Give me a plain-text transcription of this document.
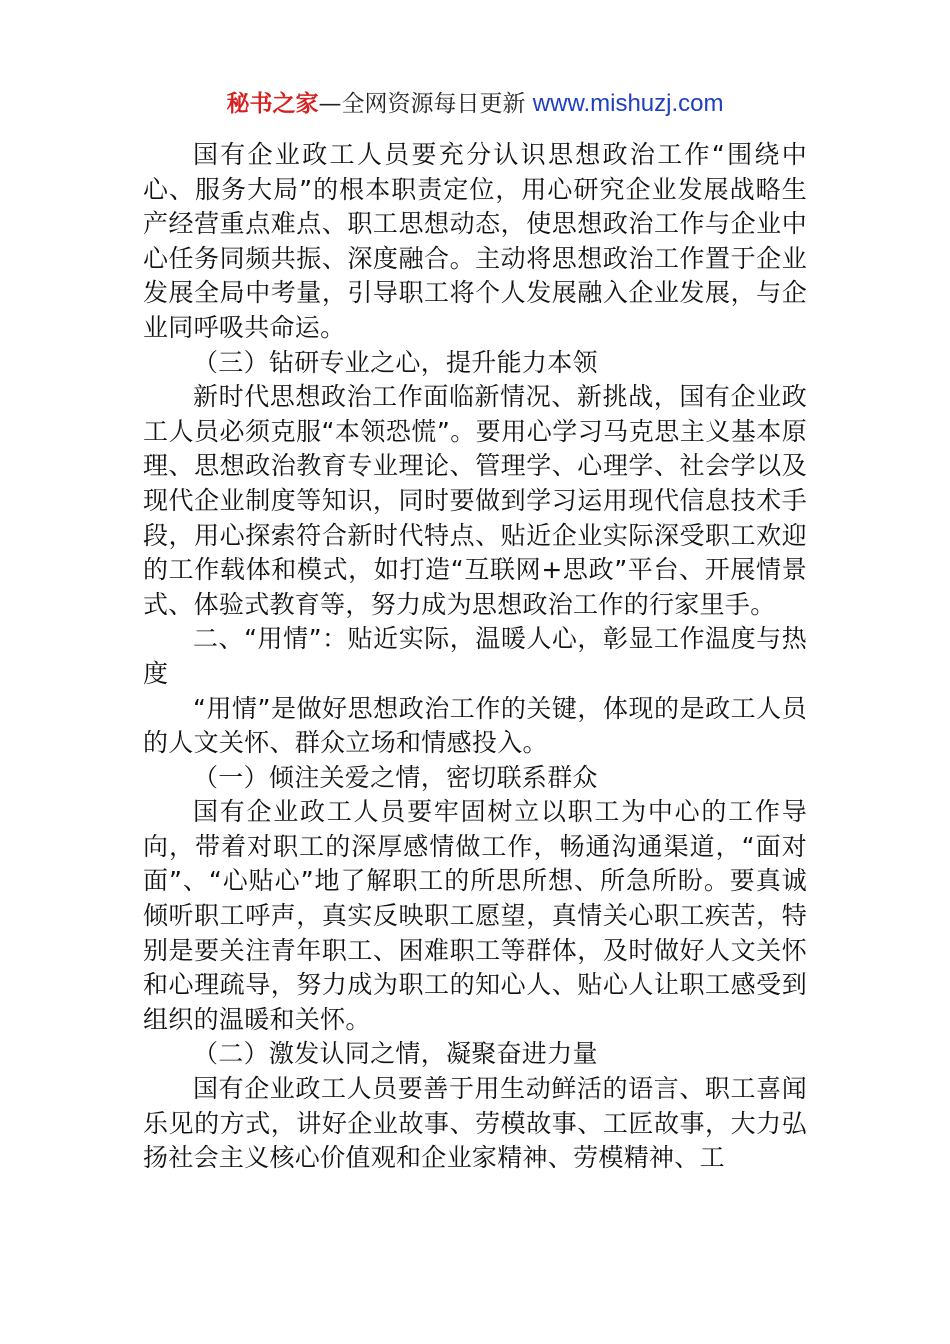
秘书之家—全网资源每日更新 www.mishuzj.com

国有企业政工人员要充分认识思想政治工作“围绕中心、服务大局”的根本职责定位，用心研究企业发展战略生产经营重点难点、职工思想动态，使思想政治工作与企业中心任务同频共振、深度融合。主动将思想政治工作置于企业发展全局中考量，引导职工将个人发展融入企业发展，与企业同呼吸共命运。

（三）钻研专业之心，提升能力本领

新时代思想政治工作面临新情况、新挑战，国有企业政工人员必须克服“本领恐慌”。要用心学习马克思主义基本原理、思想政治教育专业理论、管理学、心理学、社会学以及现代企业制度等知识，同时要做到学习运用现代信息技术手段，用心探索符合新时代特点、贴近企业实际深受职工欢迎的工作载体和模式，如打造“互联网+思政”平台、开展情景式、体验式教育等，努力成为思想政治工作的行家里手。

二、“用情”：贴近实际，温暖人心，彰显工作温度与热度

“用情”是做好思想政治工作的关键，体现的是政工人员的人文关怀、群众立场和情感投入。

（一）倾注关爱之情，密切联系群众

国有企业政工人员要牢固树立以职工为中心的工作导向，带着对职工的深厚感情做工作，畅通沟通渠道，“面对面”、“心贴心”地了解职工的所思所想、所急所盼。要真诚倾听职工呼声，真实反映职工愿望，真情关心职工疾苦，特别是要关注青年职工、困难职工等群体，及时做好人文关怀和心理疏导，努力成为职工的知心人、贴心人让职工感受到组织的温暖和关怀。

（二）激发认同之情，凝聚奋进力量

国有企业政工人员要善于用生动鲜活的语言、职工喜闻乐见的方式，讲好企业故事、劳模故事、工匠故事，大力弘扬社会主义核心价值观和企业家精神、劳模精神、工
